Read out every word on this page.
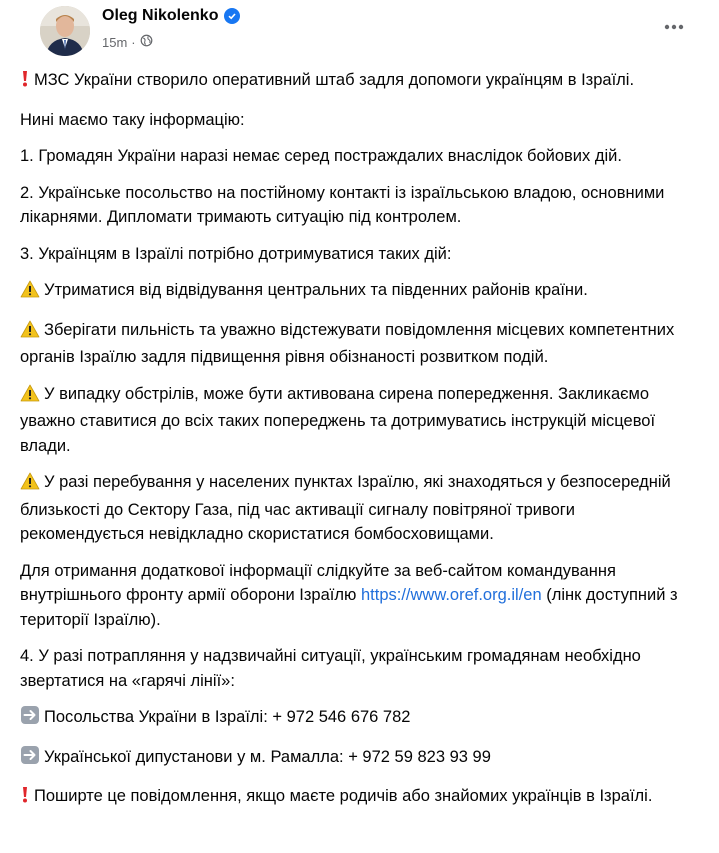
Oleg Nikolenko
15m ·

МЗС України створило оперативний штаб задля допомоги українцям в Ізраїлі.

Нині маємо таку інформацію:

1. Громадян України наразі немає серед постраждалих внаслідок бойових дій.

2. Українське посольство на постійному контакті із ізраїльською владою, основними лікарнями. Дипломати тримають ситуацію під контролем.

3. Українцям в Ізраїлі потрібно дотримуватися таких дій:

Утриматися від відвідування центральних та південних районів країни.

Зберігати пильність та уважно відстежувати повідомлення місцевих компетентних органів Ізраїлю задля підвищення рівня обізнаності розвитком подій.

У випадку обстрілів, може бути активована сирена попередження. Закликаємо уважно ставитися до всіх таких попереджень та дотримуватись інструкцій місцевої влади.

У разі перебування у населених пунктах Ізраїлю, які знаходяться у безпосередній близькості до Сектору Газа, під час активації сигналу повітряної тривоги рекомендується невідкладно скористатися бомбосховищами.

Для отримання додаткової інформації слідкуйте за веб-сайтом командування внутрішнього фронту армії оборони Ізраїлю https://www.oref.org.il/en (лінк доступний з території Ізраїлю).

4. У разі потрапляння у надзвичайні ситуації, українським громадянам необхідно звертатися на «гарячі лінії»:

Посольства України в Ізраїлі: + 972 546 676 782

Української дипустанови у м. Рамалла: + 972 59 823 93 99

Поширте це повідомлення, якщо маєте родичів або знайомих українців в Ізраїлі.
